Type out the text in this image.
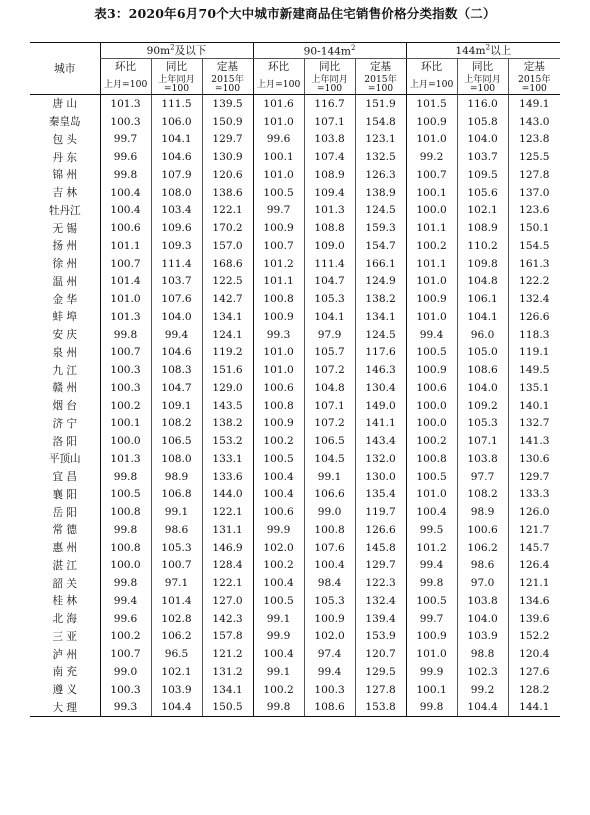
表3：2020年6月70个大中城市新建商品住宅销售价格分类指数（二）
城市	$90m^2$及以下			$90-144m^2$			$144m^2$以上		
	环比	同比	定基	环比	同比	定基	环比	同比	定基
	上月=100	上年同月=100	2015年=100	上月=100	上年同月=100	2015年=100	上月=100	上年同月=100	2015年=100
唐 山	101.3	111.5	139.5	101.6	116.7	151.9	101.5	116.0	149.1
秦皇岛	100.3	106.0	150.9	101.0	107.1	154.8	100.9	105.8	143.0
包 头	99.7	104.1	129.7	99.6	103.8	123.1	101.0	104.0	123.8
丹 东	99.6	104.6	130.9	100.1	107.4	132.5	99.2	103.7	125.5
锦 州	99.8	107.9	120.6	101.0	108.9	126.3	100.7	109.5	127.8
吉 林	100.4	108.0	138.6	100.5	109.4	138.9	100.1	105.6	137.0
牡丹江	100.4	103.4	122.1	99.7	101.3	124.5	100.0	102.1	123.6
无 锡	100.6	109.6	170.2	100.9	108.8	159.3	101.1	108.9	150.1
扬 州	101.1	109.3	157.0	100.7	109.0	154.7	100.2	110.2	154.5
徐 州	100.7	111.4	168.6	101.2	111.4	166.1	101.1	109.8	161.3
温 州	101.4	103.7	122.5	101.1	104.7	124.9	101.0	104.8	122.2
金 华	101.0	107.6	142.7	100.8	105.3	138.2	100.9	106.1	132.4
蚌 埠	101.3	104.0	134.1	100.9	104.1	134.1	101.0	104.1	126.6
安 庆	99.8	99.4	124.1	99.3	97.9	124.5	99.4	96.0	118.3
泉 州	100.7	104.6	119.2	101.0	105.7	117.6	100.5	105.0	119.1
九 江	100.3	108.3	151.6	101.0	107.2	146.3	100.9	108.6	149.5
赣 州	100.3	104.7	129.0	100.6	104.8	130.4	100.6	104.0	135.1
烟 台	100.2	109.1	143.5	100.8	107.1	149.0	100.0	109.2	140.1
济 宁	100.1	108.2	138.2	100.9	107.2	141.1	100.0	105.3	132.7
洛 阳	100.0	106.5	153.2	100.2	106.5	143.4	100.2	107.1	141.3
平顶山	101.3	108.0	133.1	100.5	104.5	132.0	100.8	103.8	130.6
宜 昌	99.8	98.9	133.6	100.4	99.1	130.0	100.5	97.7	129.7
襄 阳	100.5	106.8	144.0	100.4	106.6	135.4	101.0	108.2	133.3
岳 阳	100.8	99.1	122.1	100.6	99.0	119.7	100.4	98.9	126.0
常 德	99.8	98.6	131.1	99.9	100.8	126.6	99.5	100.6	121.7
惠 州	100.8	105.3	146.9	102.0	107.6	145.8	101.2	106.2	145.7
湛 江	100.0	100.7	128.4	100.2	100.4	129.7	99.4	98.6	126.4
韶 关	99.8	97.1	122.1	100.4	98.4	122.3	99.8	97.0	121.1
桂 林	99.4	101.4	127.0	100.5	105.3	132.4	100.5	103.8	134.6
北 海	99.6	102.8	142.3	99.1	100.9	139.4	99.7	104.0	139.6
三 亚	100.2	106.2	157.8	99.9	102.0	153.9	100.9	103.9	152.2
泸 州	100.7	96.5	121.2	100.4	97.4	120.7	101.0	98.8	120.4
南 充	99.0	102.1	131.2	99.1	99.4	129.5	99.9	102.3	127.6
遵 义	100.3	103.9	134.1	100.2	100.3	127.8	100.1	99.2	128.2
大 理	99.3	104.4	150.5	99.8	108.6	153.8	99.8	104.4	144.1
